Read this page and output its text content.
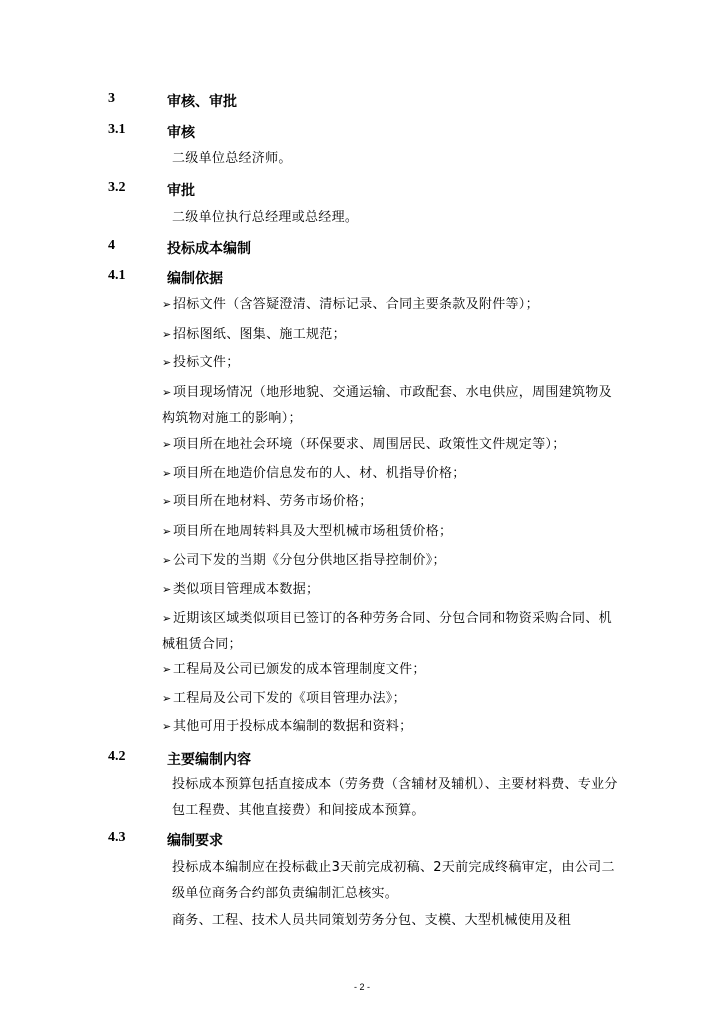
3	审核、审批
3.1	审核
二级单位总经济师。
3.2	审批
二级单位执行总经理或总经理。
4	投标成本编制
4.1	编制依据
➢招标文件（含答疑澄清、清标记录、合同主要条款及附件等）；
➢招标图纸、图集、施工规范；
➢投标文件；
➢项目现场情况（地形地貌、交通运输、市政配套、水电供应，周围建筑物及构筑物对施工的影响）；
➢项目所在地社会环境（环保要求、周围居民、政策性文件规定等）；
➢项目所在地造价信息发布的人、材、机指导价格；
➢项目所在地材料、劳务市场价格；
➢项目所在地周转料具及大型机械市场租赁价格；
➢公司下发的当期《分包分供地区指导控制价》；
➢类似项目管理成本数据；
➢近期该区域类似项目已签订的各种劳务合同、分包合同和物资采购合同、机械租赁合同；
➢工程局及公司已颁发的成本管理制度文件；
➢工程局及公司下发的《项目管理办法》；
➢其他可用于投标成本编制的数据和资料；
4.2	主要编制内容
投标成本预算包括直接成本（劳务费（含辅材及辅机）、主要材料费、专业分包工程费、其他直接费）和间接成本预算。
4.3	编制要求
投标成本编制应在投标截止3天前完成初稿、2天前完成终稿审定，由公司二级单位商务合约部负责编制汇总核实。
商务、工程、技术人员共同策划劳务分包、支模、大型机械使用及租
- 2 -
